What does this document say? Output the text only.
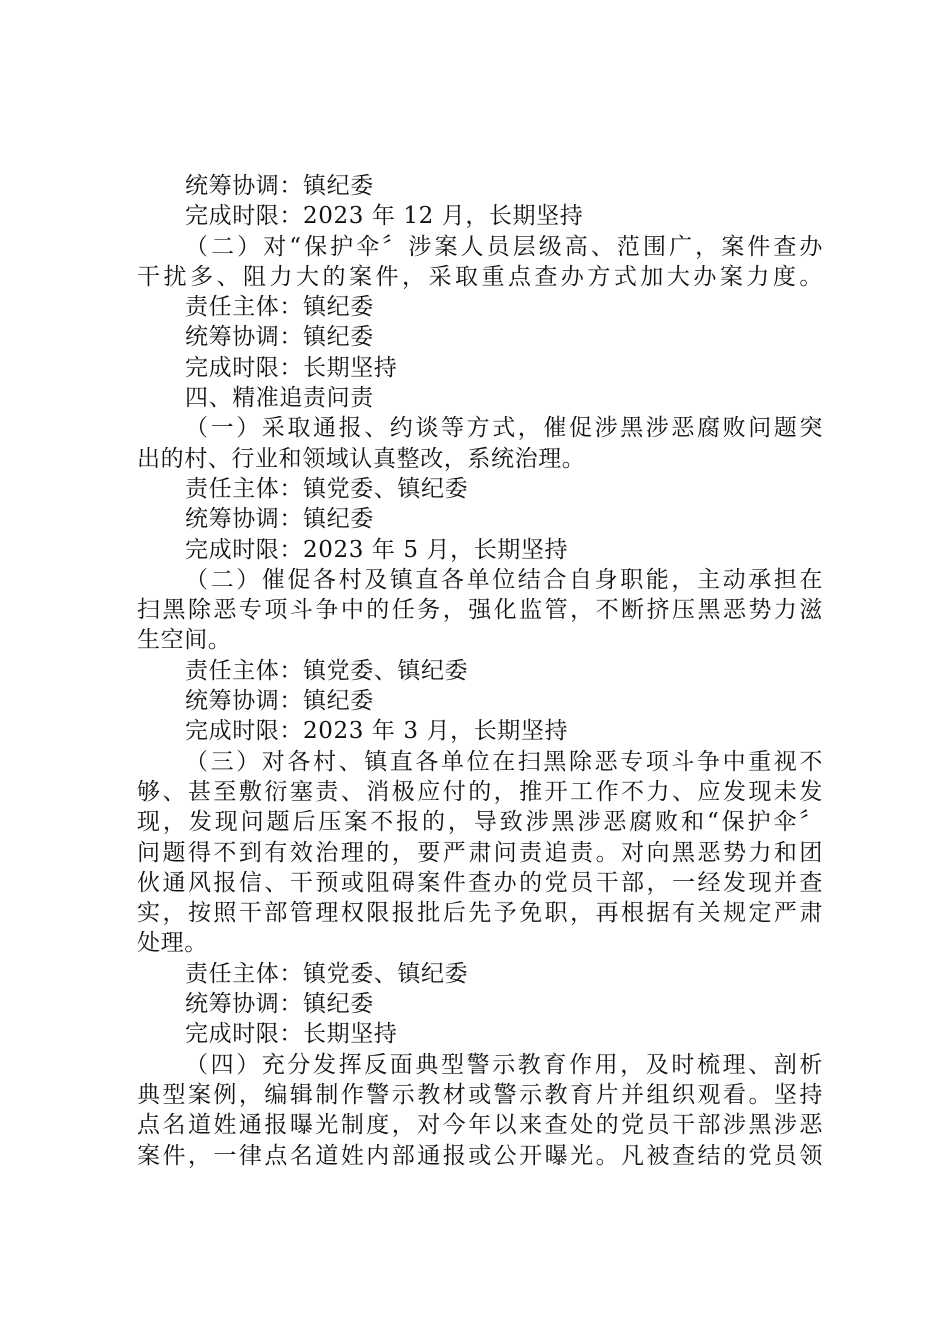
统筹协调：镇纪委

完成时限：2023 年 12 月，长期坚持

（二）对“保护伞〞涉案人员层级高、范围广，案件查办

干扰多、阻力大的案件，采取重点查办方式加大办案力度。

责任主体：镇纪委

统筹协调：镇纪委

完成时限：长期坚持

四、精准追责问责

（一）采取通报、约谈等方式，催促涉黑涉恶腐败问题突

出的村、行业和领域认真整改，系统治理。

责任主体：镇党委、镇纪委

统筹协调：镇纪委

完成时限：2023 年 5 月，长期坚持

（二）催促各村及镇直各单位结合自身职能，主动承担在

扫黑除恶专项斗争中的任务，强化监管，不断挤压黑恶势力滋

生空间。

责任主体：镇党委、镇纪委

统筹协调：镇纪委

完成时限：2023 年 3 月，长期坚持

（三）对各村、镇直各单位在扫黑除恶专项斗争中重视不

够、甚至敷衍塞责、消极应付的，推开工作不力、应发现未发

现，发现问题后压案不报的，导致涉黑涉恶腐败和“保护伞〞

问题得不到有效治理的，要严肃问责追责。对向黑恶势力和团

伙通风报信、干预或阻碍案件查办的党员干部，一经发现并查

实，按照干部管理权限报批后先予免职，再根据有关规定严肃

处理。

责任主体：镇党委、镇纪委

统筹协调：镇纪委

完成时限：长期坚持

（四）充分发挥反面典型警示教育作用，及时梳理、剖析

典型案例，编辑制作警示教材或警示教育片并组织观看。坚持

点名道姓通报曝光制度，对今年以来查处的党员干部涉黑涉恶

案件，一律点名道姓内部通报或公开曝光。凡被查结的党员领
